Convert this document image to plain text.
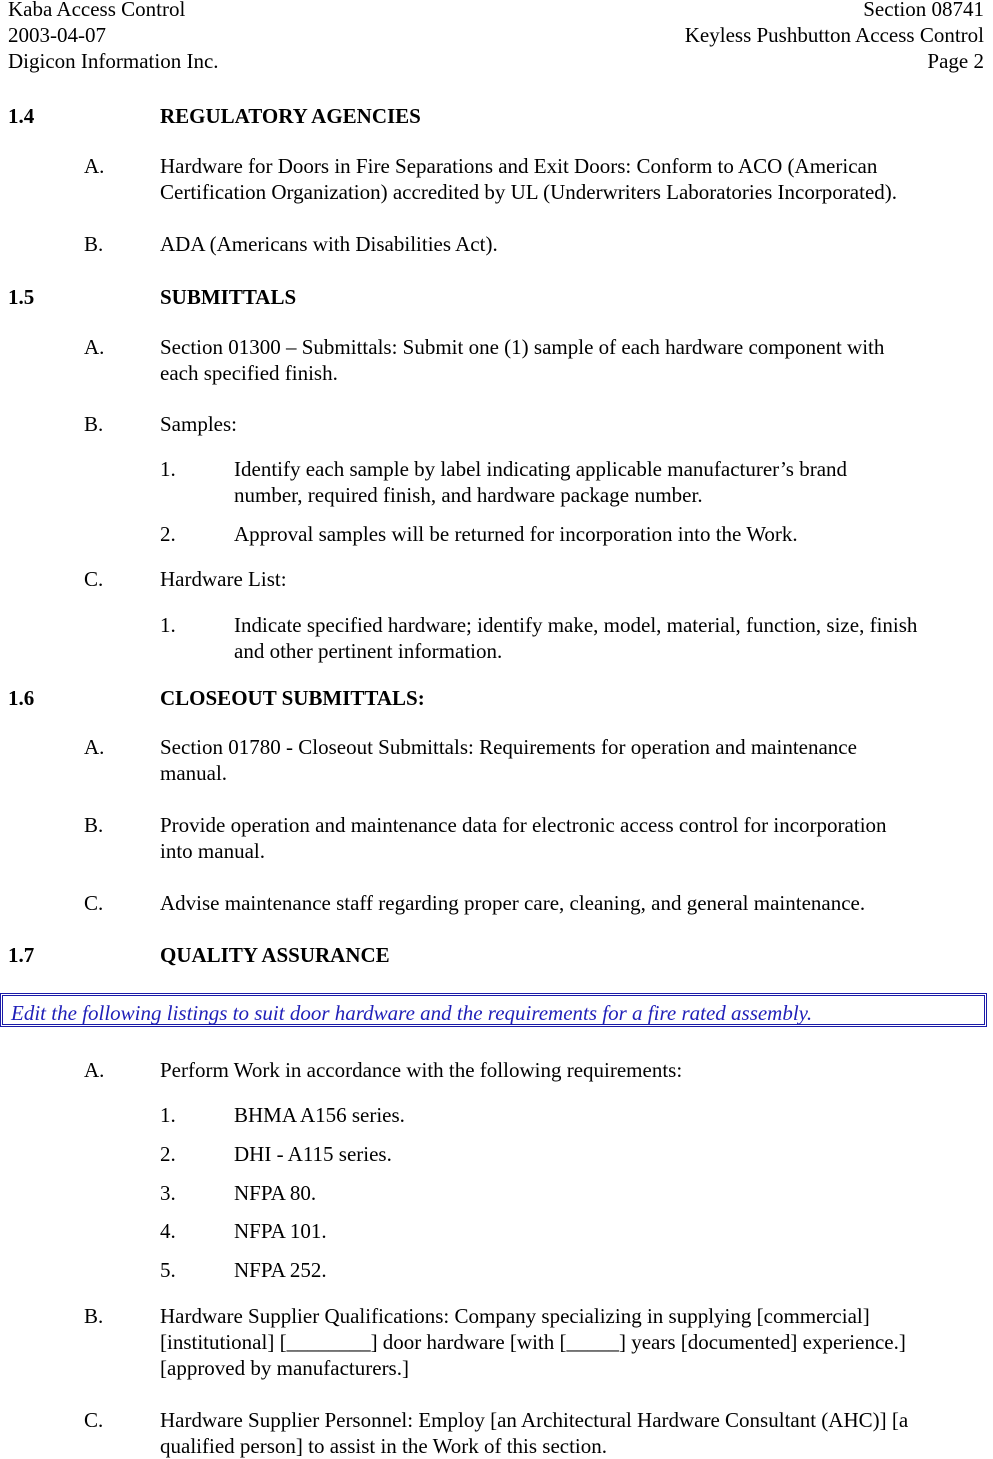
Kaba Access Control
2003-04-07
Digicon Information Inc.
Section 08741
Keyless Pushbutton Access Control
Page 2
1.4	REGULATORY AGENCIES
A.	Hardware for Doors in Fire Separations and Exit Doors: Conform to ACO (American
Certification Organization) accredited by UL (Underwriters Laboratories Incorporated).
B.	ADA (Americans with Disabilities Act).
1.5	SUBMITTALS
A.	Section 01300 – Submittals: Submit one (1) sample of each hardware component with
each specified finish.
B.	Samples:
1.	Identify each sample by label indicating applicable manufacturer’s brand
number, required finish, and hardware package number.
2.	Approval samples will be returned for incorporation into the Work.
C.	Hardware List:
1.	Indicate specified hardware; identify make, model, material, function, size, finish
and other pertinent information.
1.6	CLOSEOUT SUBMITTALS:
A.	Section 01780 - Closeout Submittals: Requirements for operation and maintenance
manual.
B.	Provide operation and maintenance data for electronic access control for incorporation
into manual.
C.	Advise maintenance staff regarding proper care, cleaning, and general maintenance.
1.7	QUALITY ASSURANCE
Edit the following listings to suit door hardware and the requirements for a fire rated assembly.
A.	Perform Work in accordance with the following requirements:
1.	BHMA A156 series.
2.	DHI - A115 series.
3.	NFPA 80.
4.	NFPA 101.
5.	NFPA 252.
B.	Hardware Supplier Qualifications: Company specializing in supplying [commercial]
[institutional] [________] door hardware [with [_____] years [documented] experience.]
[approved by manufacturers.]
C.	Hardware Supplier Personnel: Employ [an Architectural Hardware Consultant (AHC)] [a
qualified person] to assist in the Work of this section.
